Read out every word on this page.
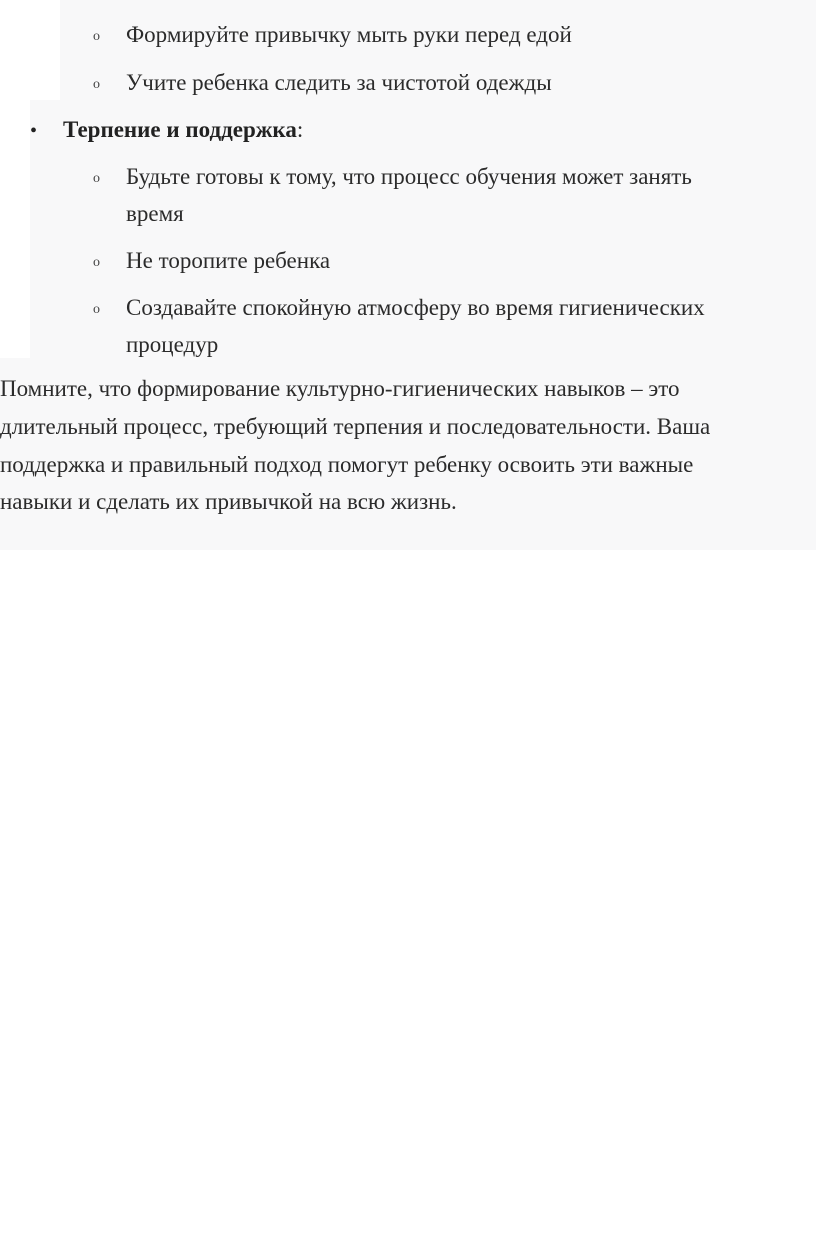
o Формируйте привычку мыть руки перед едой
o Учите ребенка следить за чистотой одежды
• Терпение и поддержка:
o Будьте готовы к тому, что процесс обучения может занять
время
o Не торопите ребенка
o Создавайте спокойную атмосферу во время гигиенических
процедур
Помните, что формирование культурно-гигиенических навыков – это
длительный процесс, требующий терпения и последовательности. Ваша
поддержка и правильный подход помогут ребенку освоить эти важные
навыки и сделать их привычкой на всю жизнь.
